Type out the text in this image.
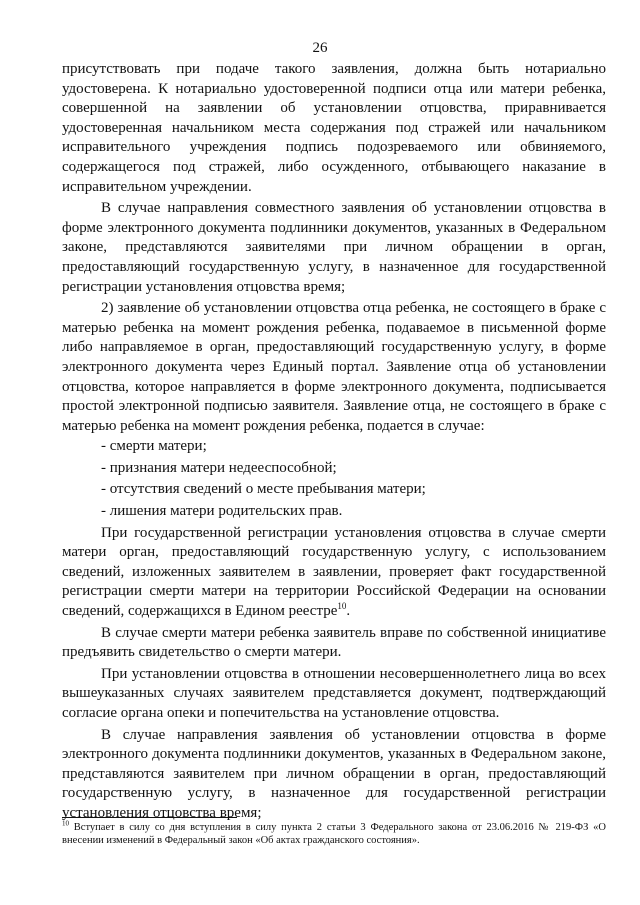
26

присутствовать при подаче такого заявления, должна быть нотариально удостоверена. К нотариально удостоверенной подписи отца или матери ребенка, совершенной на заявлении об установлении отцовства, приравнивается удостоверенная начальником места содержания под стражей или начальником исправительного учреждения подпись подозреваемого или обвиняемого, содержащегося под стражей, либо осужденного, отбывающего наказание в исправительном учреждении.

В случае направления совместного заявления об установлении отцовства в форме электронного документа подлинники документов, указанных в Федеральном законе, представляются заявителями при личном обращении в орган, предоставляющий государственную услугу, в назначенное для государственной регистрации установления отцовства время;

2) заявление об установлении отцовства отца ребенка, не состоящего в браке с матерью ребенка на момент рождения ребенка, подаваемое в письменной форме либо направляемое в орган, предоставляющий государственную услугу, в форме электронного документа через Единый портал. Заявление отца об установлении отцовства, которое направляется в форме электронного документа, подписывается простой электронной подписью заявителя. Заявление отца, не состоящего в браке с матерью ребенка на момент рождения ребенка, подается в случае:

- смерти матери;
- признания матери недееспособной;
- отсутствия сведений о месте пребывания матери;
- лишения матери родительских прав.

При государственной регистрации установления отцовства в случае смерти матери орган, предоставляющий государственную услугу, с использованием сведений, изложенных заявителем в заявлении, проверяет факт государственной регистрации смерти матери на территории Российской Федерации на основании сведений, содержащихся в Едином реестре$^{10}$.

В случае смерти матери ребенка заявитель вправе по собственной инициативе предъявить свидетельство о смерти матери.

При установлении отцовства в отношении несовершеннолетнего лица во всех вышеуказанных случаях заявителем представляется документ, подтверждающий согласие органа опеки и попечительства на установление отцовства.

В случае направления заявления об установлении отцовства в форме электронного документа подлинники документов, указанных в Федеральном законе, представляются заявителем при личном обращении в орган, предоставляющий государственную услугу, в назначенное для государственной регистрации установления отцовства время;

$^{10}$ Вступает в силу со дня вступления в силу пункта 2 статьи 3 Федерального закона от 23.06.2016 № 219-ФЗ «О внесении изменений в Федеральный закон «Об актах гражданского состояния».
